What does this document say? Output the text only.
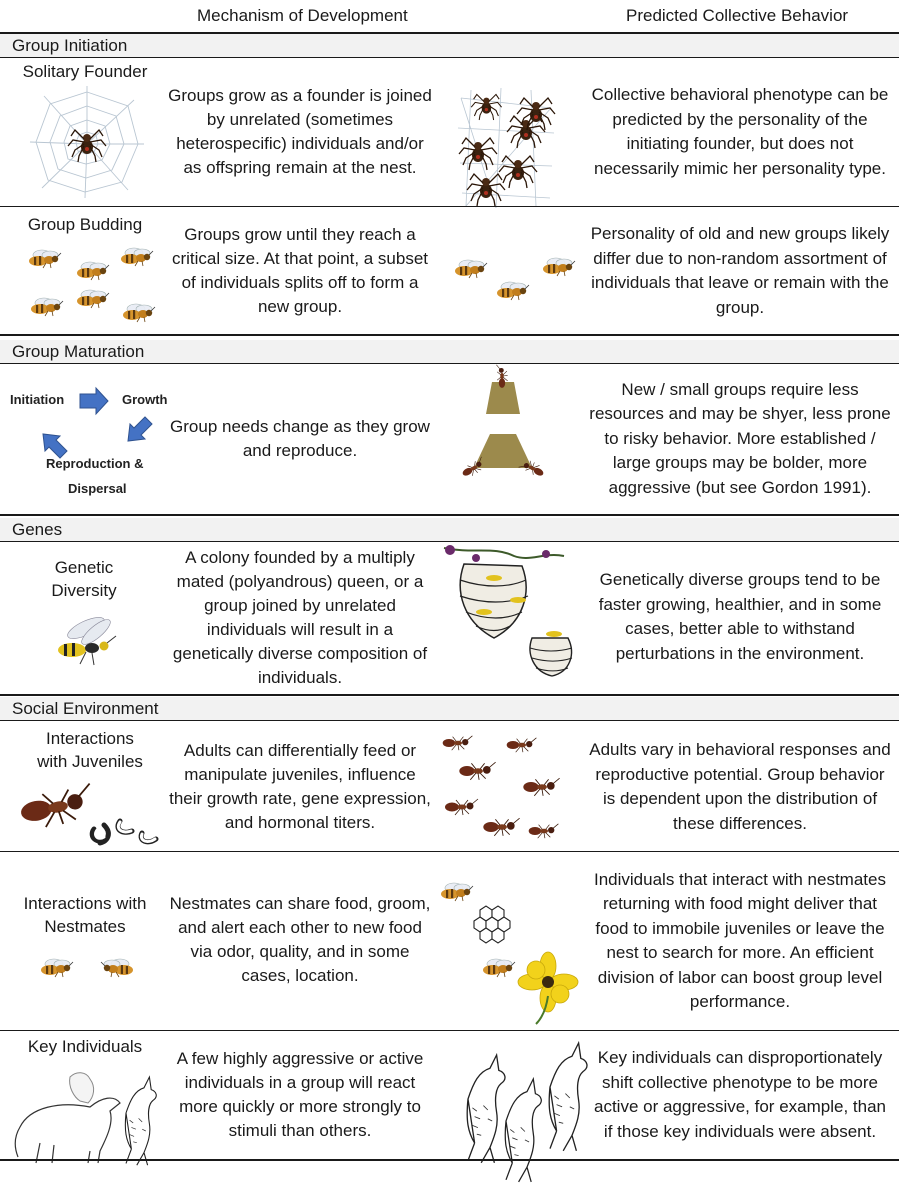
Mechanism of Development	Predicted Collective Behavior
Group Initiation
Solitary Founder
Groups grow as a founder is joined by unrelated (sometimes heterospecific) individuals and/or as offspring remain at the nest.
Collective behavioral phenotype can be predicted by the personality of the initiating founder, but does not necessarily mimic her personality type.
Group Budding
Groups grow until they reach a critical size. At that point, a subset of individuals splits off to form a new group.
Personality of old and new groups likely differ due to non-random assortment of individuals that leave or remain with the group.
Group Maturation
Initiation	Growth
Reproduction &
Dispersal
Group needs change as they grow and reproduce.
New / small groups require less resources and may be shyer, less prone to risky behavior. More established / large groups may be bolder, more aggressive (but see Gordon 1991).
Genes
Genetic Diversity
A colony founded by a multiply mated (polyandrous) queen, or a group joined by unrelated individuals will result in a genetically diverse composition of individuals.
Genetically diverse groups tend to be faster growing, healthier, and in some cases, better able to withstand perturbations in the environment.
Social Environment
Interactions with Juveniles
Adults can differentially feed or manipulate juveniles, influence their growth rate, gene expression, and hormonal titers.
Adults vary in behavioral responses and reproductive potential. Group behavior is dependent upon the distribution of these differences.
Interactions with Nestmates
Nestmates can share food, groom, and alert each other to new food via odor, quality, and in some cases, location.
Individuals that interact with nestmates returning with food might deliver that food to immobile juveniles or leave the nest to search for more. An efficient division of labor can boost group level performance.
Key Individuals
A few highly aggressive or active individuals in a group will react more quickly or more strongly to stimuli than others.
Key individuals can disproportionately shift collective phenotype to be more active or aggressive, for example, than if those key individuals were absent.
